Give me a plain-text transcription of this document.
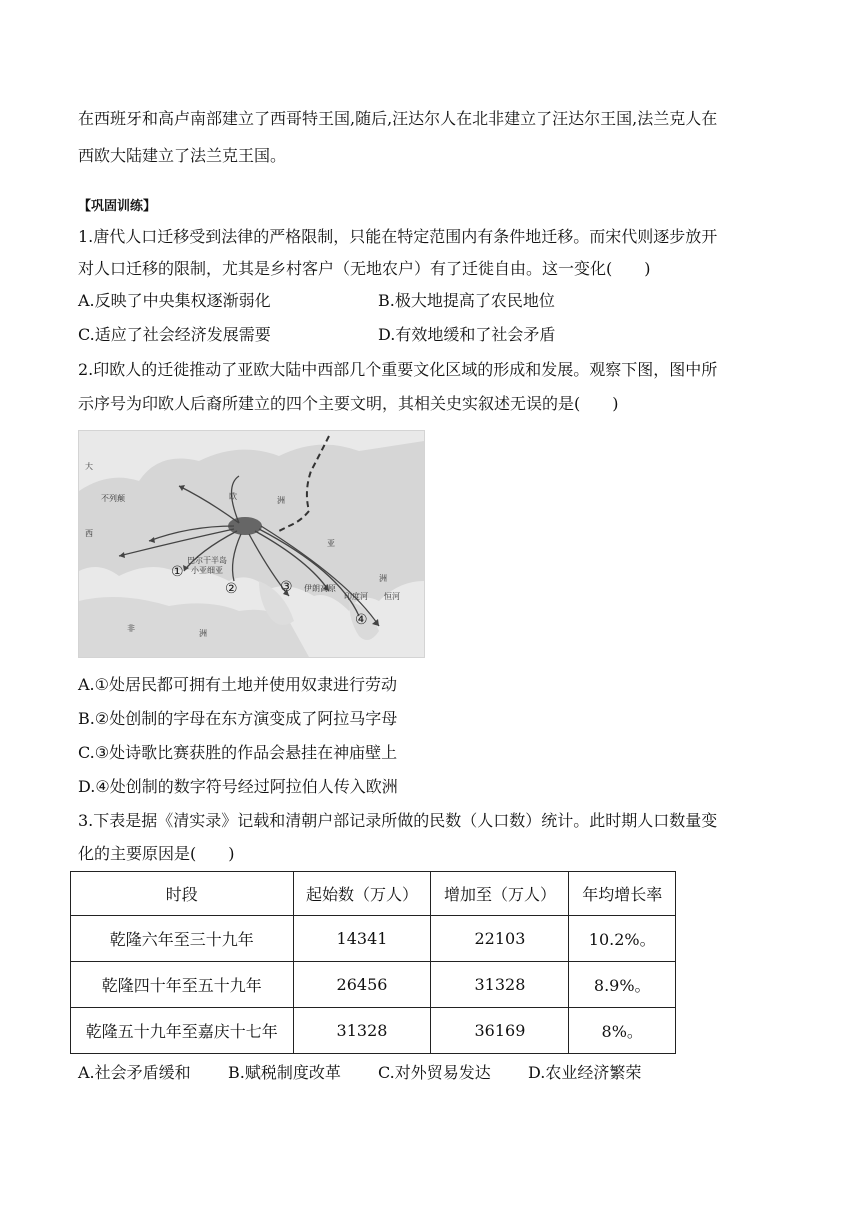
在西班牙和高卢南部建立了西哥特王国,随后,汪达尔人在北非建立了汪达尔王国,法兰克人在
西欧大陆建立了法兰克王国。
【巩固训练】
1.唐代人口迁移受到法律的严格限制，只能在特定范围内有条件地迁移。而宋代则逐步放开
对人口迁移的限制，尤其是乡村客户（无地农户）有了迁徙自由。这一变化(　　)
A.反映了中央集权逐渐弱化	B.极大地提高了农民地位
C.适应了社会经济发展需要	D.有效地缓和了社会矛盾
2.印欧人的迁徙推动了亚欧大陆中西部几个重要文化区域的形成和发展。观察下图，图中所
示序号为印欧人后裔所建立的四个主要文明，其相关史实叙述无误的是(　　)
大
不列颠
西
欧	洲
亚
巴尔干半岛
小亚细亚
伊朗高原
洲
恒河
印度河
非
洲
①
②	③
④
A.①处居民都可拥有土地并使用奴隶进行劳动
B.②处创制的字母在东方演变成了阿拉马字母
C.③处诗歌比赛获胜的作品会悬挂在神庙壁上
D.④处创制的数字符号经过阿拉伯人传入欧洲
3.下表是据《清实录》记载和清朝户部记录所做的民数（人口数）统计。此时期人口数量变
化的主要原因是(　　)
时段	起始数（万人）	增加至（万人）	年均增长率
乾隆六年至三十九年	14341	22103	10.2%。
乾隆四十年至五十九年	26456	31328	8.9%。
乾隆五十九年至嘉庆十七年	31328	36169	8%。
A.社会矛盾缓和 B.赋税制度改革 C.对外贸易发达 D.农业经济繁荣
